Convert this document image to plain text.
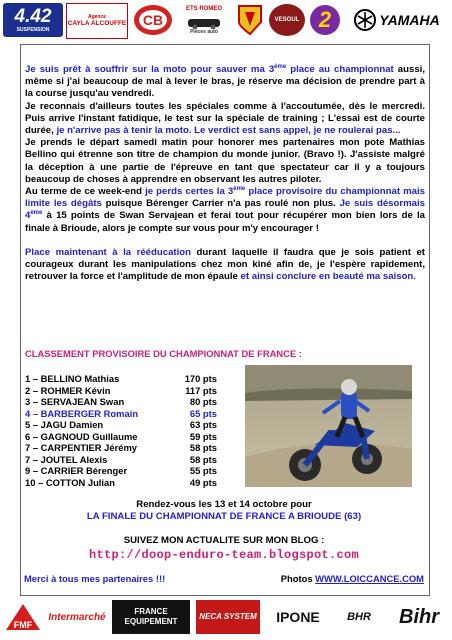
4.42
SUSPENSION
Agence
CAYLA ALCOUFFE CB
ETS ROMEO
Pièces auto
VESOUL 2	YAMAHA

Je suis prêt à souffrir sur la moto pour sauver ma 3ème place au championnat aussi, même si j'ai beaucoup de mal à lever le bras, je réserve ma décision de prendre part à la course jusqu'au vendredi.

Je reconnais d'ailleurs toutes les spéciales comme à l'accoutumée, dès le mercredi. Puis arrive l'instant fatidique, le test sur la spéciale de training ; L'essai est de courte durée, je n'arrive pas à tenir la moto. Le verdict est sans appel, je ne roulerai pas...

Je prends le départ samedi matin pour honorer mes partenaires mon pote Mathias Bellino qui étrenne son titre de champion du monde junior. (Bravo !). J'assiste malgré la déception à une partie de l'épreuve en tant que spectateur car il y a toujours beaucoup de choses à apprendre en observant les autres piloter.

Au terme de ce week-end je perds certes la 3ème place provisoire du championnat mais limite les dégâts puisque Bérenger Carrier n'a pas roulé non plus. Je suis désormais 4ème à 15 points de Swan Servajean et ferai tout pour récupérer mon bien lors de la finale à Brioude, alors je compte sur vous pour m'y encourager !

Place maintenant à la rééducation durant laquelle il faudra que je sois patient et courageux durant les manipulations chez mon kiné afin de, je l'espère rapidement, retrouver la force et l'amplitude de mon épaule et ainsi conclure en beauté ma saison.

CLASSEMENT PROVISOIRE DU CHAMPIONNAT DE FRANCE :
1 – BELLINO Mathias	170 pts
2 – ROHMER Kévin	117 pts
3 – SERVAJEAN Swan	80 pts
4 – BARBERGER Romain	65 pts
5 – JAGU Damien	63 pts
6 – GAGNOUD Guillaume	59 pts
7 – CARPENTIER Jérémy	58 pts
7 – JOUTEL Alexis	58 pts
9 – CARRIER Bérenger	55 pts
10 – COTTON Julian	49 pts
Rendez-vous les 13 et 14 octobre pour
LA FINALE DU CHAMPIONNAT DE FRANCE A BRIOUDE (63)
SUIVEZ MON ACTUALITE SUR MON BLOG :
http://doop-enduro-team.blogspot.com
Merci à tous mes partenaires !!!	Photos WWW.LOICCANCE.COM
FMF
Intermarché	FRANCE EQUIPEMENT
NECA SYSTEM IPONE BHR Bihr
